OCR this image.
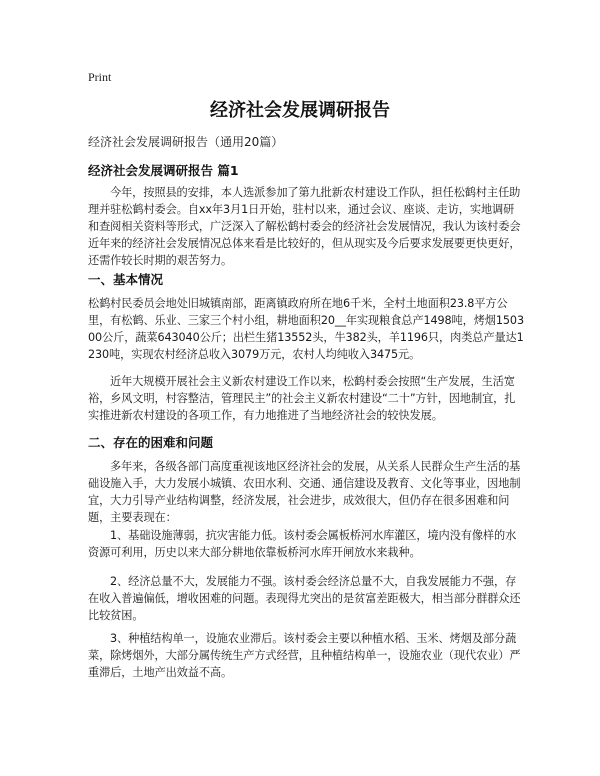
Print
经济社会发展调研报告

经济社会发展调研报告（通用20篇）

经济社会发展调研报告 篇1

今年，按照县的安排，本人选派参加了第九批新农村建设工作队，担任松鹤村主任助理并驻松鹤村委会。自xx年3月1日开始，驻村以来，通过会议、座谈、走访，实地调研和查阅相关资料等形式，广泛深入了解松鹤村委会的经济社会发展情况，我认为该村委会近年来的经济社会发展情况总体来看是比较好的，但从现实及今后要求发展要更快更好，还需作较长时期的艰苦努力。

一、基本情况

松鹤村民委员会地处旧城镇南部，距离镇政府所在地6千米，全村土地面积23.8平方公里，有松鹤、乐业、三家三个村小组，耕地面积20__年实现粮食总产1498吨，烤烟150300公斤，蔬菜643040公斤；出栏生猪13552头，牛382头，羊1196只，肉类总产量达1230吨，实现农村经济总收入3079万元，农村人均纯收入3475元。

近年大规模开展社会主义新农村建设工作以来，松鹤村委会按照“生产发展，生活宽裕，乡风文明，村容整洁，管理民主”的社会主义新农村建设“二十”方针，因地制宜，扎实推进新农村建设的各项工作，有力地推进了当地经济社会的较快发展。

二、存在的困难和问题

多年来，各级各部门高度重视该地区经济社会的发展，从关系人民群众生产生活的基础设施入手，大力发展小城镇、农田水利、交通、通信建设及教育、文化等事业，因地制宜，大力引导产业结构调整，经济发展，社会进步，成效很大，但仍存在很多困难和问题，主要表现在：

1、基础设施薄弱，抗灾害能力低。该村委会属板桥河水库灌区，境内没有像样的水资源可利用，历史以来大部分耕地依靠板桥河水库开闸放水来栽种。

2、经济总量不大，发展能力不强。该村委会经济总量不大，自我发展能力不强，存在收入普遍偏低，增收困难的问题。表现得尤突出的是贫富差距极大，相当部分群群众还比较贫困。

3、种植结构单一，设施农业滞后。该村委会主要以种植水稻、玉米、烤烟及部分蔬菜，除烤烟外，大部分属传统生产方式经营，且种植结构单一，设施农业（现代农业）严重滞后，土地产出效益不高。
